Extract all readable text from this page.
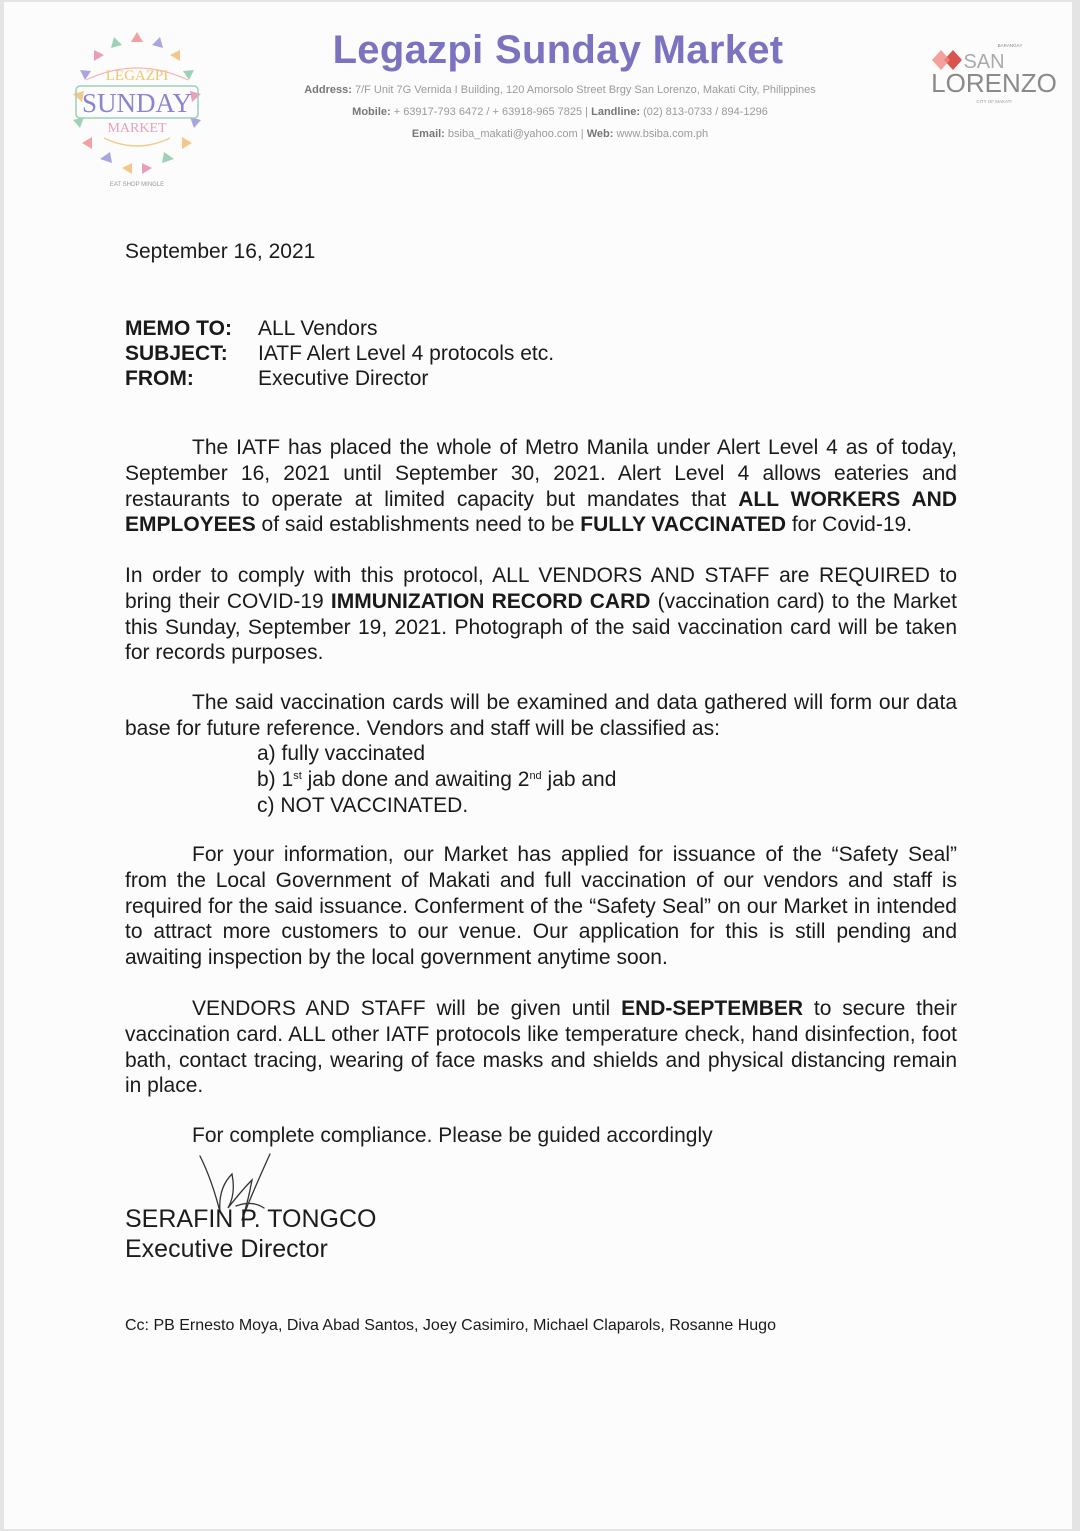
LEGAZPI
SUNDAY
MARKET
EAT SHOP MINGLE
Legazpi Sunday Market
Address: 7/F Unit 7G Vernida I Building, 120 Amorsolo Street Brgy San Lorenzo, Makati City, Philippines
Mobile: + 63917-793 6472 / + 63918-965 7825 | Landline: (02) 813-0733 / 894-1296
Email: bsiba_makati@yahoo.com | Web: www.bsiba.com.ph
BARANGAY
SAN
LORENZO
CITY OF MAKATI
September 16, 2021
MEMO TO:	ALL Vendors
SUBJECT:	IATF Alert Level 4 protocols etc.
FROM:	Executive Director
The IATF has placed the whole of Metro Manila under Alert Level 4 as of today, September 16, 2021 until September 30, 2021. Alert Level 4 allows eateries and restaurants to operate at limited capacity but mandates that ALL WORKERS AND EMPLOYEES of said establishments need to be FULLY VACCINATED for Covid-19.
In order to comply with this protocol, ALL VENDORS AND STAFF are REQUIRED to bring their COVID-19 IMMUNIZATION RECORD CARD (vaccination card) to the Market this Sunday, September 19, 2021. Photograph of the said vaccination card will be taken for records purposes.
The said vaccination cards will be examined and data gathered will form our data base for future reference. Vendors and staff will be classified as:
a) fully vaccinated
b) 1st jab done and awaiting 2nd jab and
c) NOT VACCINATED.
For your information, our Market has applied for issuance of the “Safety Seal” from the Local Government of Makati and full vaccination of our vendors and staff is required for the said issuance. Conferment of the “Safety Seal” on our Market in intended to attract more customers to our venue. Our application for this is still pending and awaiting inspection by the local government anytime soon.
VENDORS AND STAFF will be given until END-SEPTEMBER to secure their vaccination card. ALL other IATF protocols like temperature check, hand disinfection, foot bath, contact tracing, wearing of face masks and shields and physical distancing remain in place.
For complete compliance. Please be guided accordingly
SERAFIN P. TONGCO
Executive Director
Cc: PB Ernesto Moya, Diva Abad Santos, Joey Casimiro, Michael Claparols, Rosanne Hugo
